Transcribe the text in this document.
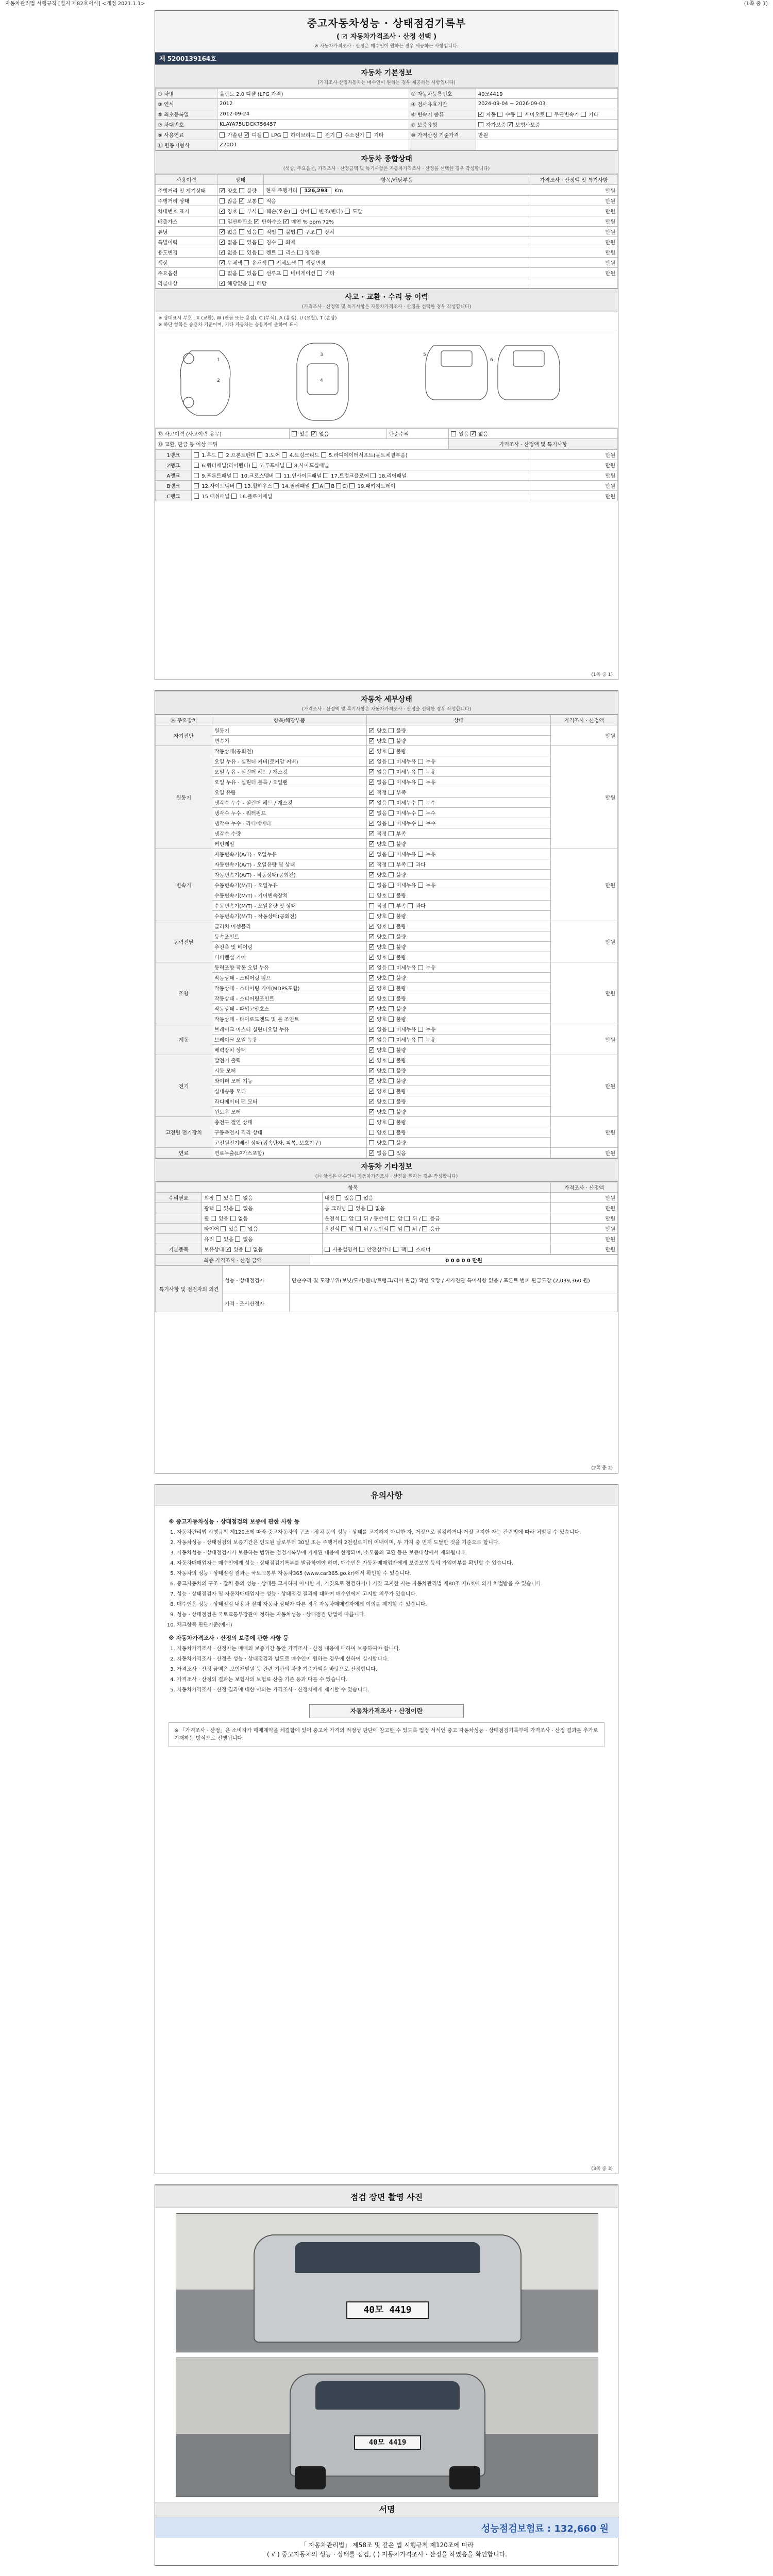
자동차관리법 시행규칙 [별지 제82호서식] <개정 2021.1.1>	(1쪽 중 1)
중고자동차성능 · 상태점검기록부
( ✓ 자동차가격조사 · 산정 선택 )
※ 자동차가격조사 · 산정은 매수인이 원하는 경우 제공하는 사항입니다.
제 5200139164호
자동차 기본정보
(가격조사·산정자동차는 매수인이 원하는 경우 제공하는 사항입니다)
① 차명	올란도 2.0 디젤 (LPG 가격)	② 자동차등록번호	40모4419
③ 연식	2012	④ 검사유효기간	2024-09-04 ~ 2026-09-03
⑤ 최초등록일	2012-09-24	⑥ 변속기 종류	✓ 자동  수동  세미오토  무단변속기  기타
⑦ 차대번호	KLAYA75UDCK756457	⑧ 보증유형	자가보증 ✓ 보험사보증
⑨ 사용연료	가솔린 ✓ 디젤  LPG  하이브리드  전기  수소전기  기타	⑩ 가격산정 기준가격	만원
⑪ 원동기형식	Z20D1		
자동차 종합상태
(색상, 주요옵션, 가격조사 · 산정금액 및 특기사항은 자동차가격조사 · 산정을 선택한 경우 작성합니다)
사용이력	상태	항목/해당부품	가격조사 · 산정액 및 특기사항
주행거리 및 계기상태	✓ 양호  불량	현재 주행거리 126,293 Km	만원
주행거리 상태	많음 ✓ 보통  적음		만원
차대번호 표기	✓ 양호  부식  훼손(오손)  상이  변조(변타)  도말		만원
배출가스	일산화탄소 ✓ 탄화수소 ✓ 매연 % ppm 72%		만원
튜닝	✓ 없음  있음  적법  불법  구조  장치		만원
특별이력	✓ 없음  있음  침수  화재		만원
용도변경	✓ 없음  있음  렌트  리스  영업용		만원
색상	✓ 무채색  유채색  전체도색  색상변경		만원
주요옵션	없음  있음  선루프  네비게이션  기타		만원
리콜대상	✓ 해당없음  해당	
사고 · 교환 · 수리 등 이력
(가격조사 · 산정액 및 특기사항은 자동차가격조사 · 산정을 선택한 경우 작성합니다)
※ 상태표시 부호 : X (교환), W (판금 또는 용접), C (부식), A (흠집), U (요철), T (손상)
※ 하단 항목은 승용차 기준이며, 기타 자동차는 승용차에 준하여 표시
1
2
3
4
5
6
⑫ 사고이력 (사고이력 유무)	있음 ✓ 없음	단순수리	있음 ✓ 없음
⑬ 교환, 판금 등 이상 부위			가격조사 · 산정액 및 특기사항
1랭크	1.후드  2.프론트펜더  3.도어  4.트렁크리드  5.라디에이터서포트(볼트체결부품)	만원
2랭크	6.쿼터패널(리어펜더)  7.루프패널  8.사이드실패널	만원
A랭크	9.프론트패널  10.크로스멤버  11.인사이드패널  17.트렁크플로어  18.리어패널	만원
B랭크	12.사이드멤버  13.휠하우스  14.필러패널 ( A B C)  19.패키지트레이	만원
C랭크	15.대쉬패널  16.플로어패널	만원
(1쪽 중 1)
자동차 세부상태
(가격조사 · 산정액 및 특기사항은 자동차가격조사 · 산정을 선택한 경우 작성합니다)
⑭ 주요장치	항목/해당부품	상태	가격조사 · 산정액
자기진단	원동기	✓ 양호  불량	만원
	변속기	✓ 양호  불량
원동기	작동상태(공회전)	✓ 양호  불량	만원
	오일 누유 - 실린더 커버(로커암 커버)	✓ 없음  미세누유  누유
	오일 누유 - 실린더 헤드 / 개스킷	✓ 없음  미세누유  누유
	오일 누유 - 실린더 블록 / 오일팬	✓ 없음  미세누유  누유
	오일 유량	✓ 적정  부족
	냉각수 누수 - 실린더 헤드 / 개스킷	✓ 없음  미세누수  누수
	냉각수 누수 - 워터펌프	✓ 없음  미세누수  누수
	냉각수 누수 - 라디에이터	✓ 없음  미세누수  누수
	냉각수 수량	✓ 적정  부족
	커먼레일	✓ 양호  불량
변속기	자동변속기(A/T) - 오일누유	✓ 없음  미세누유  누유	만원
	자동변속기(A/T) - 오일유량 및 상태	✓ 적정  부족  과다
	자동변속기(A/T) - 작동상태(공회전)	✓ 양호  불량
	수동변속기(M/T) - 오일누유	없음  미세누유  누유	
	수동변속기(M/T) - 기어변속장치	양호  불량	
	수동변속기(M/T) - 오일유량 및 상태	적정  부족  과다	
	수동변속기(M/T) - 작동상태(공회전)	양호  불량	
동력전달	클러치 어셈블리	✓ 양호  불량	만원
	등속조인트	✓ 양호  불량
	추진축 및 베어링	✓ 양호  불량
	디퍼렌셜 기어	✓ 양호  불량
조향	동력조향 작동 오일 누유	✓ 없음  미세누유  누유	만원
	작동상태 - 스티어링 펌프	✓ 양호  불량
	작동상태 - 스티어링 기어(MDPS포함)	✓ 양호  불량
	작동상태 - 스티어링조인트	✓ 양호  불량
	작동상태 - 파워고압호스	✓ 양호  불량
	작동상태 - 타이로드엔드 및 볼 조인트	✓ 양호  불량
제동	브레이크 마스터 실린더오일 누유	✓ 없음  미세누유  누유	만원
	브레이크 오일 누유	✓ 없음  미세누유  누유
	배력장치 상태	✓ 양호  불량
전기	발전기 출력	✓ 양호  불량	만원
	시동 모터	✓ 양호  불량
	와이퍼 모터 기능	✓ 양호  불량
	실내송풍 모터	✓ 양호  불량
	라디에이터 팬 모터	✓ 양호  불량
	윈도우 모터	✓ 양호  불량
고전원 전기장치	충전구 절연 상태	양호  불량	만원
	구동축전지 격리 상태	양호  불량	
	고전원전기배선 상태(접속단자, 피복, 보호기구)	양호  불량	
연료	연료누출(LP가스포함)	✓ 없음  있음	만원
자동차 기타정보
(⑮ 항목은 매수인이 자동차가격조사 · 산정을 원하는 경우 작성합니다)
항목			가격조사 · 산정액
수리필요	외장  있음  없음	내장  있음  없음	만원
	광택  있음  없음	룸 크리닝  있음  없음	만원
	휠  있음  없음	운전석  앞  뒤 / 동반석  앞  뒤 /  응급	만원
	타이어  있음  없음	운전석  앞  뒤 / 동반석  앞  뒤 /  응급	만원
	유리  있음  없음		만원
기본품목	보유상태 ✓ 있음  없음	사용설명서  안전삼각대  잭  스패너	만원
최종 가격조사 · 산정 금액	0 0 0 0 0 만원
특기사항 및 점검자의 의견	성능 · 상태점검자	단순수리 및 도장부위(보닛/도어/휀더/트렁크/리어 판금) 확인 요망 / 자가진단 특이사항 없음 / 프론트 범퍼 판금도장 (2,039,360 원)
	가격 · 조사산정자	
(2쪽 중 2)
유의사항
※ 중고자동차성능 · 상태점검의 보증에 관한 사항 등
1. 자동차관리법 시행규칙 제120조에 따라 중고자동차의 구조 · 장치 등의 성능 · 상태를 고지하지 아니한 자, 거짓으로 점검하거나 거짓 고지한 자는 관련법에 따라 처벌될 수 있습니다.
2. 자동차성능 · 상태점검의 보증기간은 인도된 날로부터 30일 또는 주행거리 2천킬로미터 이내이며, 두 가지 중 먼저 도달한 것을 기준으로 합니다.
3. 자동차성능 · 상태점검자가 보증하는 범위는 점검기록부에 기재된 내용에 한정되며, 소모품의 교환 등은 보증대상에서 제외됩니다.
4. 자동차매매업자는 매수인에게 성능 · 상태점검기록부를 발급하여야 하며, 매수인은 자동차매매업자에게 보증보험 등의 가입여부를 확인할 수 있습니다.
5. 자동차의 성능 · 상태점검 결과는 국토교통부 자동차365 (www.car365.go.kr)에서 확인할 수 있습니다.
6. 중고자동차의 구조 · 장치 등의 성능 · 상태를 고지하지 아니한 자, 거짓으로 점검하거나 거짓 고지한 자는 자동차관리법 제80조 제6호에 의거 처벌받을 수 있습니다.
7. 성능 · 상태점검자 및 자동차매매업자는 성능 · 상태점검 결과에 대하여 매수인에게 고지할 의무가 있습니다.
8. 매수인은 성능 · 상태점검 내용과 실제 자동차 상태가 다른 경우 자동차매매업자에게 이의를 제기할 수 있습니다.
9. 성능 · 상태점검은 국토교통부장관이 정하는 자동차성능 · 상태점검 방법에 따릅니다.
10. 체크항목 판단기준(예시)
※ 자동차가격조사 · 산정의 보증에 관한 사항 등
1. 자동차가격조사 · 산정자는 매매의 보증기간 동안 가격조사 · 산정 내용에 대하여 보증하여야 합니다.
2. 자동차가격조사 · 산정은 성능 · 상태점검과 별도로 매수인이 원하는 경우에 한하여 실시합니다.
3. 가격조사 · 산정 금액은 보험개발원 등 관련 기관의 차량 기준가액을 바탕으로 산정합니다.
4. 가격조사 · 산정의 결과는 보험사의 보험료 산출 기준 등과 다를 수 있습니다.
5. 자동차가격조사 · 산정 결과에 대한 이의는 가격조사 · 산정자에게 제기할 수 있습니다.
자동차가격조사 · 산정이란
※ 「가격조사 · 산정」은 소비자가 매매계약을 체결함에 있어 중고차 가격의 적정성 판단에 참고할 수 있도록 법정 서식인 중고 자동차성능 · 상태점검기록부에 가격조사 · 산정 결과를 추가로 기재하는 방식으로 진행됩니다.
(3쪽 중 3)
점검 장면 촬영 사진
40모 4419
40모 4419
서명
성능점검보험료 : 132,660 원
「 자동차관리법」 제58조 및 같은 법 시행규칙 제120조에 따라
( √ ) 중고자동차의 성능 · 상태를 점검, ( ) 자동차가격조사 · 산정을 하였음을 확인합니다.
